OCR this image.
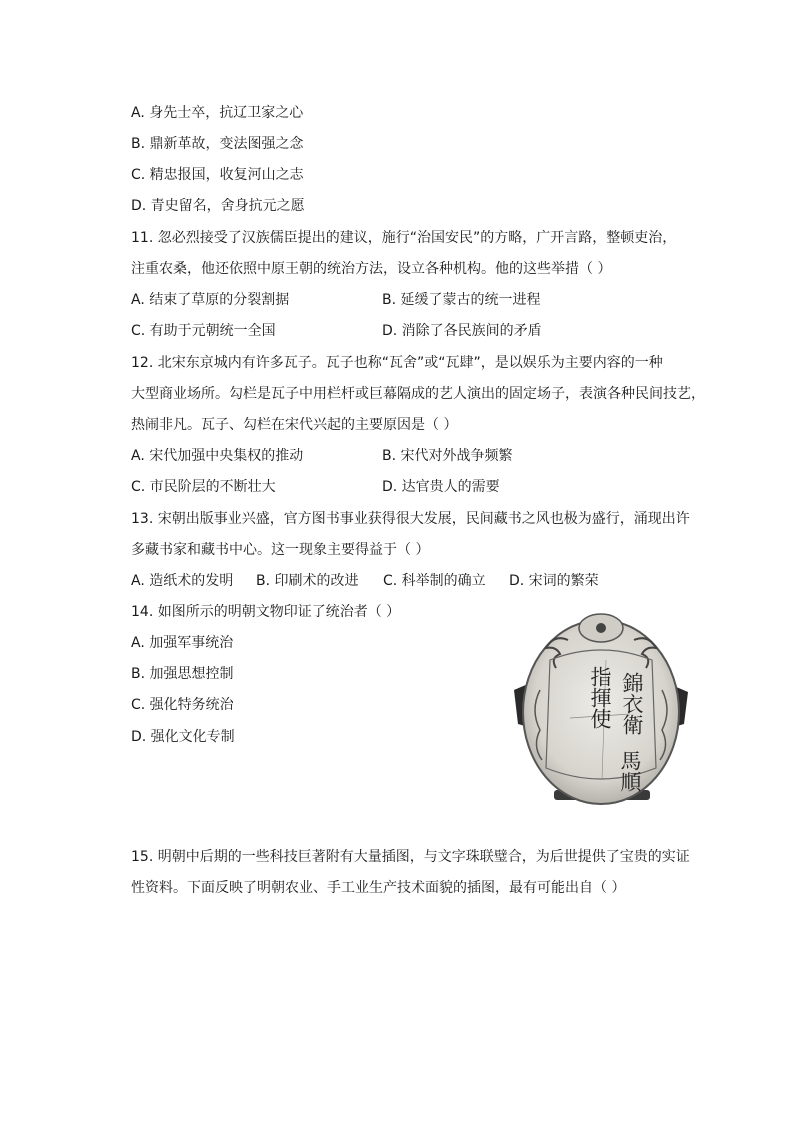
A. 身先士卒，抗辽卫家之心
B. 鼎新革故，变法图强之念
C. 精忠报国，收复河山之志
D. 青史留名，舍身抗元之愿
11. 忽必烈接受了汉族儒臣提出的建议，施行“治国安民”的方略，广开言路，整顿吏治，
注重农桑，他还依照中原王朝的统治方法，设立各种机构。他的这些举措（ ）
A. 结束了草原的分裂割据	B. 延缓了蒙古的统一进程
C. 有助于元朝统一全国	D. 消除了各民族间的矛盾
12. 北宋东京城内有许多瓦子。瓦子也称“瓦舍”或“瓦肆”，是以娱乐为主要内容的一种
大型商业场所。勾栏是瓦子中用栏杆或巨幕隔成的艺人演出的固定场子，表演各种民间技艺，
热闹非凡。瓦子、勾栏在宋代兴起的主要原因是（ ）
A. 宋代加强中央集权的推动	B. 宋代对外战争频繁
C. 市民阶层的不断壮大	D. 达官贵人的需要
13. 宋朝出版事业兴盛，官方图书事业获得很大发展，民间藏书之风也极为盛行，涌现出许
多藏书家和藏书中心。这一现象主要得益于（ ）
A. 造纸术的发明 B. 印刷术的改进 C. 科举制的确立 D. 宋词的繁荣
14. 如图所示的明朝文物印证了统治者（ ）
A. 加强军事统治
B. 加强思想控制
C. 强化特务统治
D. 强化文化专制
錦衣衛
指揮使
馬順
15. 明朝中后期的一些科技巨著附有大量插图，与文字珠联璧合，为后世提供了宝贵的实证
性资料。下面反映了明朝农业、手工业生产技术面貌的插图，最有可能出自（ ）
